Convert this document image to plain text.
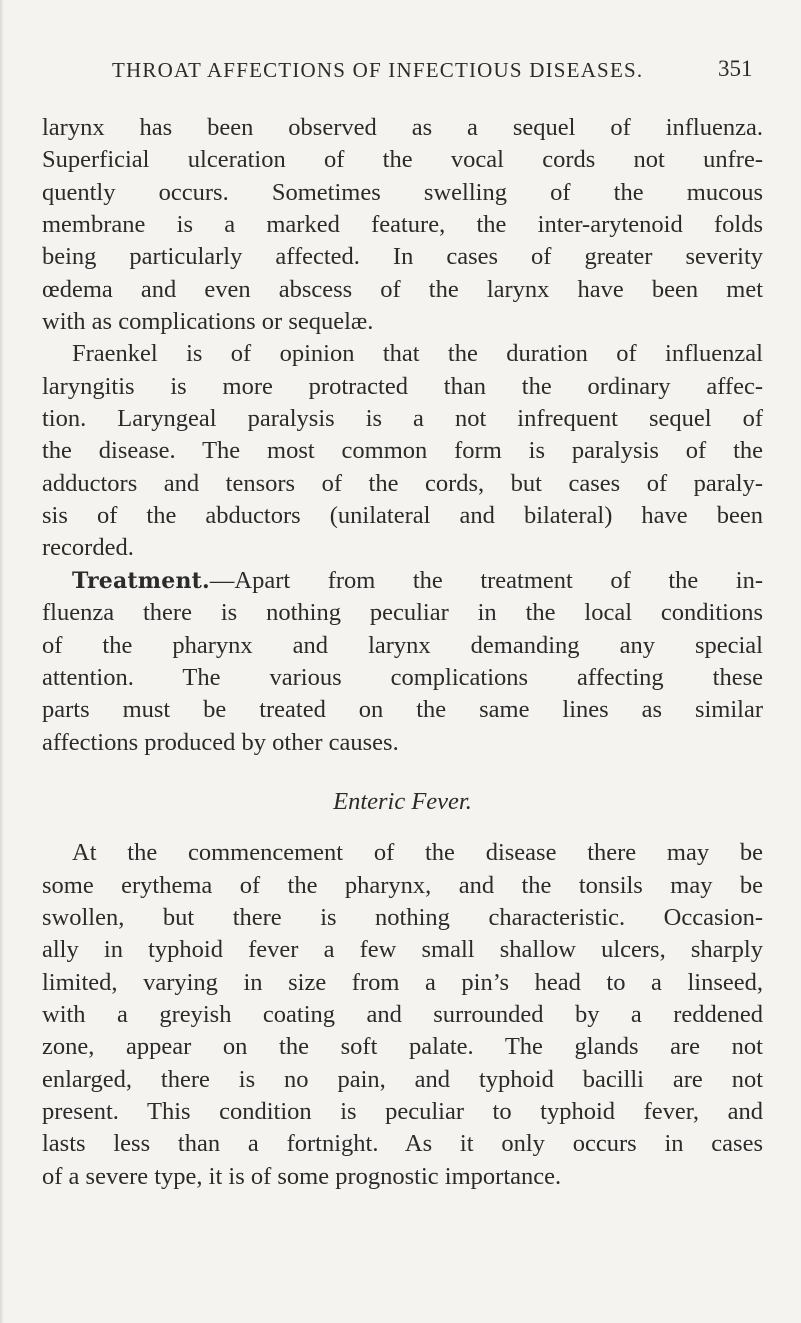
THROAT AFFECTIONS OF INFECTIOUS DISEASES.	351
larynx has been observed as a sequel of influenza.
Superficial ulceration of the vocal cords not unfre-
quently occurs. Sometimes swelling of the mucous
membrane is a marked feature, the inter-arytenoid folds
being particularly affected. In cases of greater severity
œdema and even abscess of the larynx have been met
with as complications or sequelæ.
Fraenkel is of opinion that the duration of influenzal
laryngitis is more protracted than the ordinary affec-
tion. Laryngeal paralysis is a not infrequent sequel of
the disease. The most common form is paralysis of the
adductors and tensors of the cords, but cases of paraly-
sis of the abductors (unilateral and bilateral) have been
recorded.
Treatment.—Apart from the treatment of the in-
fluenza there is nothing peculiar in the local conditions
of the pharynx and larynx demanding any special
attention. The various complications affecting these
parts must be treated on the same lines as similar
affections produced by other causes.
Enteric Fever.
At the commencement of the disease there may be
some erythema of the pharynx, and the tonsils may be
swollen, but there is nothing characteristic. Occasion-
ally in typhoid fever a few small shallow ulcers, sharply
limited, varying in size from a pin’s head to a linseed,
with a greyish coating and surrounded by a reddened
zone, appear on the soft palate. The glands are not
enlarged, there is no pain, and typhoid bacilli are not
present. This condition is peculiar to typhoid fever, and
lasts less than a fortnight. As it only occurs in cases
of a severe type, it is of some prognostic importance.
